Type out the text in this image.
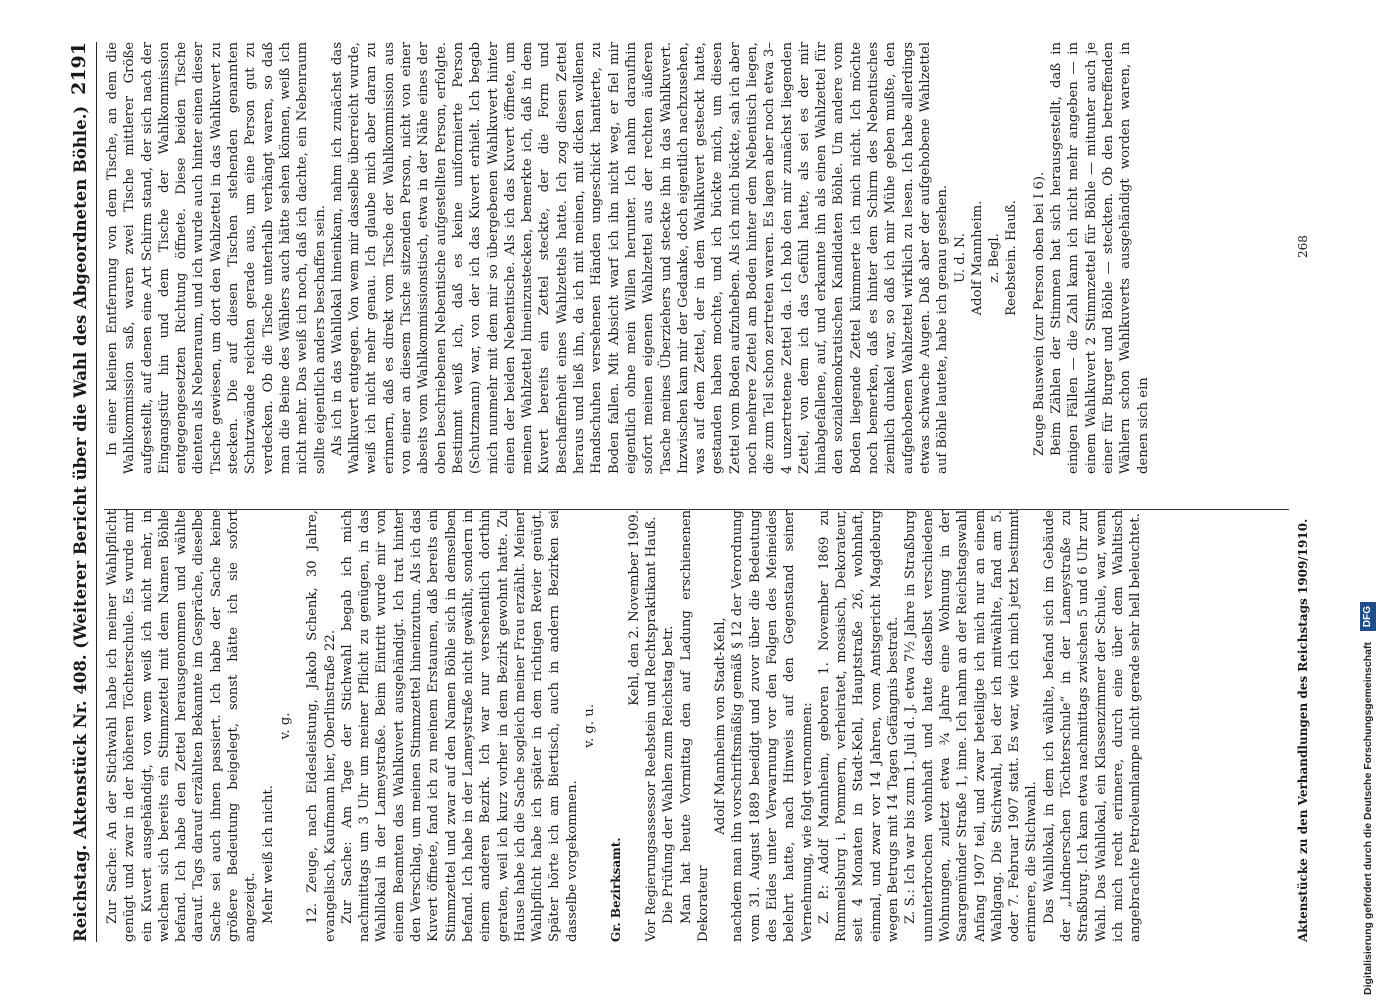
Reichstag. Aktenstück Nr. 408. (Weiterer Bericht über die Wahl des Abgeordneten Böhle.)
2191

Zur Sache: An der Stichwahl habe ich meiner Wahlpflicht genügt und zwar in der höheren Töchterschule. Es wurde mir ein Kuvert ausgehändigt, von wem weiß ich nicht mehr, in welchem sich bereits ein Stimmzettel mit dem Namen Böhle befand. Ich habe den Zettel herausgenommen und wählte darauf. Tags darauf erzählten Bekannte im Gespräche, dieselbe Sache sei auch ihnen passiert. Ich habe der Sache keine größere Bedeutung beigelegt, sonst hätte ich sie sofort angezeigt. Mehr weiß ich nicht.

v. g. 12. Zeuge, nach Eidesleistung, Jakob Schenk, 30 Jahre, evangelisch, Kaufmann hier, Oberlinstraße 22. Zur Sache: Am Tage der Stichwahl begab ich mich nachmittags um 3 Uhr um meiner Pflicht zu genügen, in das Wahllokal in der Lameystraße. Beim Eintritt wurde mir von einem Beamten das Wahlkuvert ausgehändigt. Ich trat hinter den Verschlag, um meinen Stimmzettel hineinzutun. Als ich das Kuvert öffnete, fand ich zu meinem Erstaunen, daß bereits ein Stimmzettel und zwar auf den Namen Böhle sich in demselben befand. Ich habe in der Lameystraße nicht gewählt, sondern in einem anderen Bezirk. Ich war nur versehentlich dorthin geraten, weil ich kurz vorher in dem Bezirk gewohnt hatte. Zu Hause habe ich die Sache sogleich meiner Frau erzählt. Meiner Wahlpflicht habe ich später in dem richtigen Revier genügt. Später hörte ich am Biertisch, auch in andern Bezirken sei dasselbe vorgekommen.

v. g. u.

Gr. Bezirksamt.

Kehl, den 2. November 1909. Vor Regierungsassessor Reebstein und Rechtspraktikant Hauß. Die Prüfung der Wahlen zum Reichstag betr. Man hat heute Vormittag den auf Ladung erschienenen Dekorateur

Adolf Mannheim von Stadt-Kehl, nachdem man ihn vorschriftsmäßig gemäß § 12 der Verordnung vom 31. August 1889 beeidigt und zuvor über die Bedeutung des Eides unter Verwarnung vor den Folgen des Meineides belehrt hatte, nach Hinweis auf den Gegenstand seiner Vernehmung, wie folgt vernommen: Z. P.: Adolf Mannheim, geboren 1. November 1869 zu Rummelsburg i. Pommern, verheiratet, mosaisch, Dekorateur, seit 4 Monaten in Stadt-Kehl, Hauptstraße 26, wohnhaft, einmal, und zwar vor 14 Jahren, vom Amtsgericht Magdeburg wegen Betrugs mit 14 Tagen Gefängnis bestraft. Z. S.: Ich war bis zum 1. Juli d. J. etwa 7½ Jahre in Straßburg ununterbrochen wohnhaft und hatte daselbst verschiedene Wohnungen, zuletzt etwa ¾ Jahre eine Wohnung in der Saargemünder Straße 1, inne. Ich nahm an der Reichstagswahl Anfang 1907 teil, und zwar beteiligte ich mich nur an einem Wahlgang. Die Stichwahl, bei der ich mitwählte, fand am 5. oder 7. Februar 1907 statt. Es war, wie ich mich jetzt bestimmt erinnere, die Stichwahl. Das Wahllokal, in dem ich wählte, befand sich im Gebäude der „Lindnerschen Töchterschule“ in der Lameystraße zu Straßburg. Ich kam etwa nachmittags zwischen 5 und 6 Uhr zur Wahl. Das Wahllokal, ein Klassenzimmer der Schule, war, wenn ich mich recht erinnere, durch eine über dem Wahltisch angebrachte Petroleumlampe nicht gerade sehr hell beleuchtet.

In einer kleinen Entfernung von dem Tische, an dem die Wahlkommission saß, waren zwei Tische mittlerer Größe aufgestellt, auf denen eine Art Schirm stand, der sich nach der Eingangstür hin und dem Tische der Wahlkommission entgegengesetzten Richtung öffnete. Diese beiden Tische dienten als Nebenraum, und ich wurde auch hinter einen dieser Tische gewiesen, um dort den Wahlzettel in das Wahlkuvert zu stecken. Die auf diesen Tischen stehenden genannten Schutzwände reichten gerade aus, um eine Person gut zu verdecken. Ob die Tische unterhalb verhängt waren, so daß man die Beine des Wählers auch hätte sehen können, weiß ich nicht mehr. Das weiß ich noch, daß ich dachte, ein Nebenraum sollte eigentlich anders beschaffen sein. Als ich in das Wahllokal hineinkam, nahm ich zunächst das Wahlkuvert entgegen. Von wem mir dasselbe überreicht wurde, weiß ich nicht mehr genau. Ich glaube mich aber daran zu erinnern, daß es direkt vom Tische der Wahlkommission aus von einer an diesem Tische sitzenden Person, nicht von einer abseits vom Wahlkommissionstisch, etwa in der Nähe eines der oben beschriebenen Nebentische aufgestellten Person, erfolgte. Bestimmt weiß ich, daß es keine uniformierte Person (Schutzmann) war, von der ich das Kuvert erhielt. Ich begab mich nunmehr mit dem mir so übergebenen Wahlkuvert hinter einen der beiden Nebentische. Als ich das Kuvert öffnete, um meinen Wahlzettel hineinzustecken, bemerkte ich, daß in dem Kuvert bereits ein Zettel steckte, der die Form und Beschaffenheit eines Wahlzettels hatte. Ich zog diesen Zettel heraus und ließ ihn, da ich mit meinen, mit dicken wollenen Handschuhen versehenen Händen ungeschickt hantierte, zu Boden fallen. Mit Absicht warf ich ihn nicht weg, er fiel mir eigentlich ohne mein Willen herunter. Ich nahm daraufhin sofort meinen eigenen Wahlzettel aus der rechten äußeren Tasche meines Überziehers und steckte ihn in das Wahlkuvert. Inzwischen kam mir der Gedanke, doch eigentlich nachzusehen, was auf dem Zettel, der in dem Wahlkuvert gesteckt hatte, gestanden haben mochte, und ich bückte mich, um diesen Zettel vom Boden aufzuheben. Als ich mich bückte, sah ich aber noch mehrere Zettel am Boden hinter dem Nebentisch liegen, die zum Teil schon zertreten waren. Es lagen aber noch etwa 3–4 unzertretene Zettel da. Ich hob den mir zunächst liegenden Zettel, von dem ich das Gefühl hatte, als sei es der mir hinabgefallene, auf, und erkannte ihn als einen Wahlzettel für den sozialdemokratischen Kandidaten Böhle. Um andere vom Boden liegende Zettel kümmerte ich mich nicht. Ich möchte noch bemerken, daß es hinter dem Schirm des Nebentisches ziemlich dunkel war, so daß ich mir Mühe geben mußte, den aufgehobenen Wahlzettel wirklich zu lesen. Ich habe allerdings etwas schwache Augen. Daß aber der aufgehobene Wahlzettel auf Böhle lautete, habe ich genau gesehen. U. d. N. Adolf Mannheim. z. Begl. Reebstein. Hauß. Zeuge Bauswein (zur Person oben bei I 6). Beim Zählen der Stimmen hat sich herausgestellt, daß in einigen Fällen — die Zahl kann ich nicht mehr angeben — in einem Wahlkuvert 2 Stimmzettel für Böhle — mitunter auch je einer für Burger und Böhle — steckten. Ob den betreffenden Wählern schon Wahlkuverts ausgehändigt worden waren, in denen sich ein

Aktenstücke zu den Verhandlungen des Reichstags 1909/1910.
268
Digitalisierung gefördert durch die Deutsche Forschungsgemeinschaft DFG
